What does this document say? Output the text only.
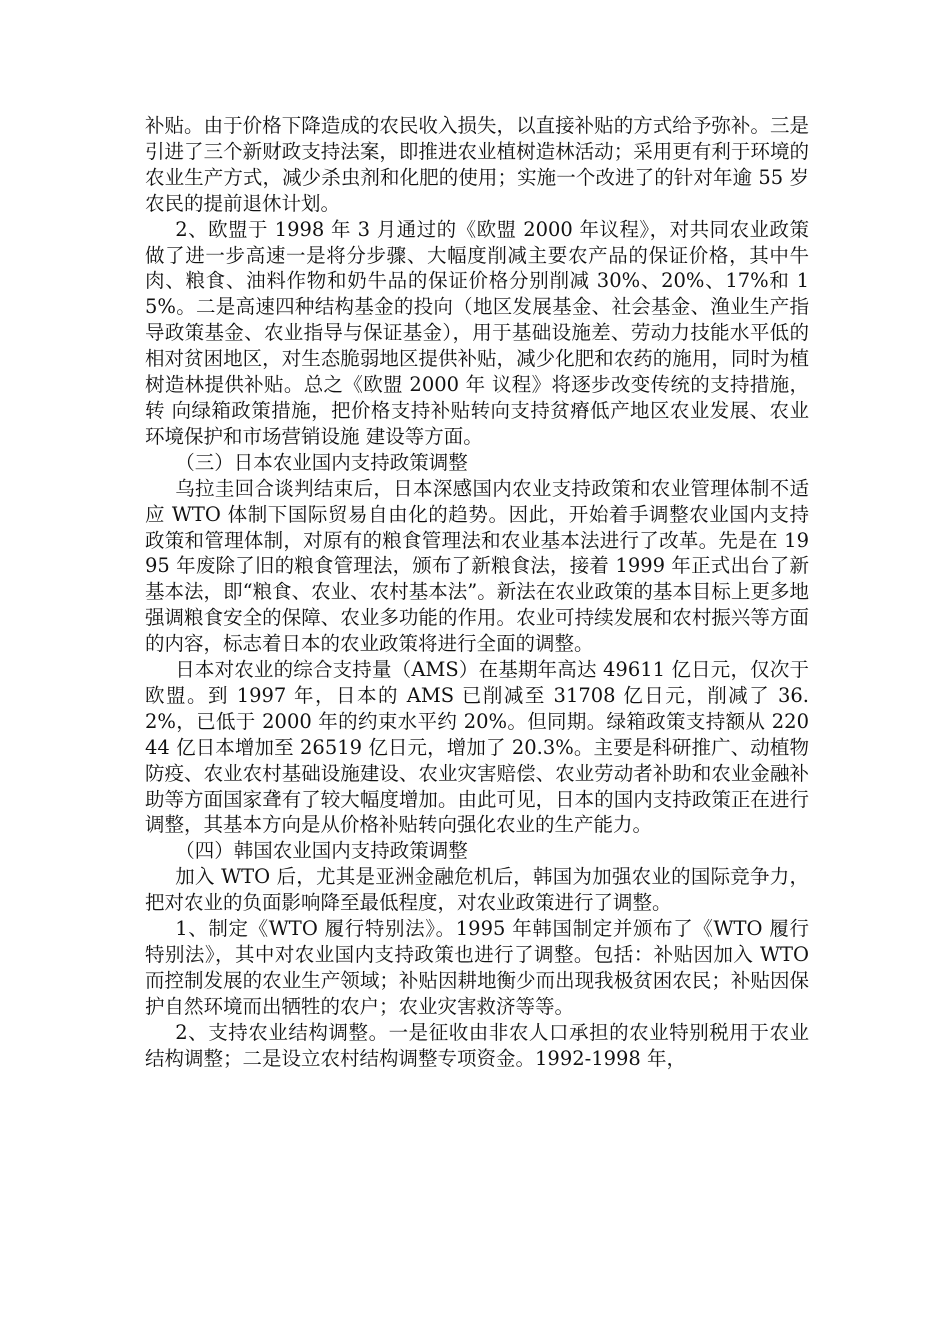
补贴。由于价格下降造成的农民收入损失，以直接补贴的方式给予弥补。三是引进了三个新财政支持法案，即推进农业植树造林活动；采用更有利于环境的农业生产方式，减少杀虫剂和化肥的使用；实施一个改进了的针对年逾 55 岁农民的提前退休计划。

2、欧盟于 1998 年 3 月通过的《欧盟 2000 年议程》，对共同农业政策做了进一步高速一是将分步骤、大幅度削减主要农产品的保证价格，其中牛肉、粮食、油料作物和奶牛品的保证价格分别削减 30%、20%、17%和 15%。二是高速四种结构基金的投向（地区发展基金、社会基金、渔业生产指导政策基金、农业指导与保证基金），用于基础设施差、劳动力技能水平低的相对贫困地区，对生态脆弱地区提供补贴，减少化肥和农药的施用，同时为植树造林提供补贴。总之《欧盟 2000 年 议程》将逐步改变传统的支持措施，转 向绿箱政策措施，把价格支持补贴转向支持贫瘠低产地区农业发展、农业环境保护和市场营销设施 建设等方面。

（三）日本农业国内支持政策调整

乌拉圭回合谈判结束后，日本深感国内农业支持政策和农业管理体制不适应 WTO 体制下国际贸易自由化的趋势。因此，开始着手调整农业国内支持政策和管理体制，对原有的粮食管理法和农业基本法进行了改革。先是在 1995 年废除了旧的粮食管理法，颁布了新粮食法，接着 1999 年正式出台了新基本法，即“粮食、农业、农村基本法”。新法在农业政策的基本目标上更多地强调粮食安全的保障、农业多功能的作用。农业可持续发展和农村振兴等方面的内容，标志着日本的农业政策将进行全面的调整。

日本对农业的综合支持量（AMS）在基期年高达 49611 亿日元，仅次于欧盟。到 1997 年，日本的 AMS 已削减至 31708 亿日元，削减了 36.2%，已低于 2000 年的约束水平约 20%。但同期。绿箱政策支持额从 22044 亿日本增加至 26519 亿日元，增加了 20.3%。主要是科研推广、动植物防疫、农业农村基础设施建设、农业灾害赔偿、农业劳动者补助和农业金融补助等方面国家聋有了较大幅度增加。由此可见，日本的国内支持政策正在进行调整，其基本方向是从价格补贴转向强化农业的生产能力。

（四）韩国农业国内支持政策调整

加入 WTO 后，尤其是亚洲金融危机后，韩国为加强农业的国际竞争力，把对农业的负面影响降至最低程度，对农业政策进行了调整。

1、制定《WTO 履行特别法》。1995 年韩国制定并颁布了《WTO 履行特别法》，其中对农业国内支持政策也进行了调整。包括：补贴因加入 WTO 而控制发展的农业生产领域；补贴因耕地衡少而出现我极贫困农民；补贴因保护自然环境而出牺牲的农户；农业灾害救济等等。

2、支持农业结构调整。一是征收由非农人口承担的农业特别税用于农业结构调整；二是设立农村结构调整专项资金。1992-1998 年，
